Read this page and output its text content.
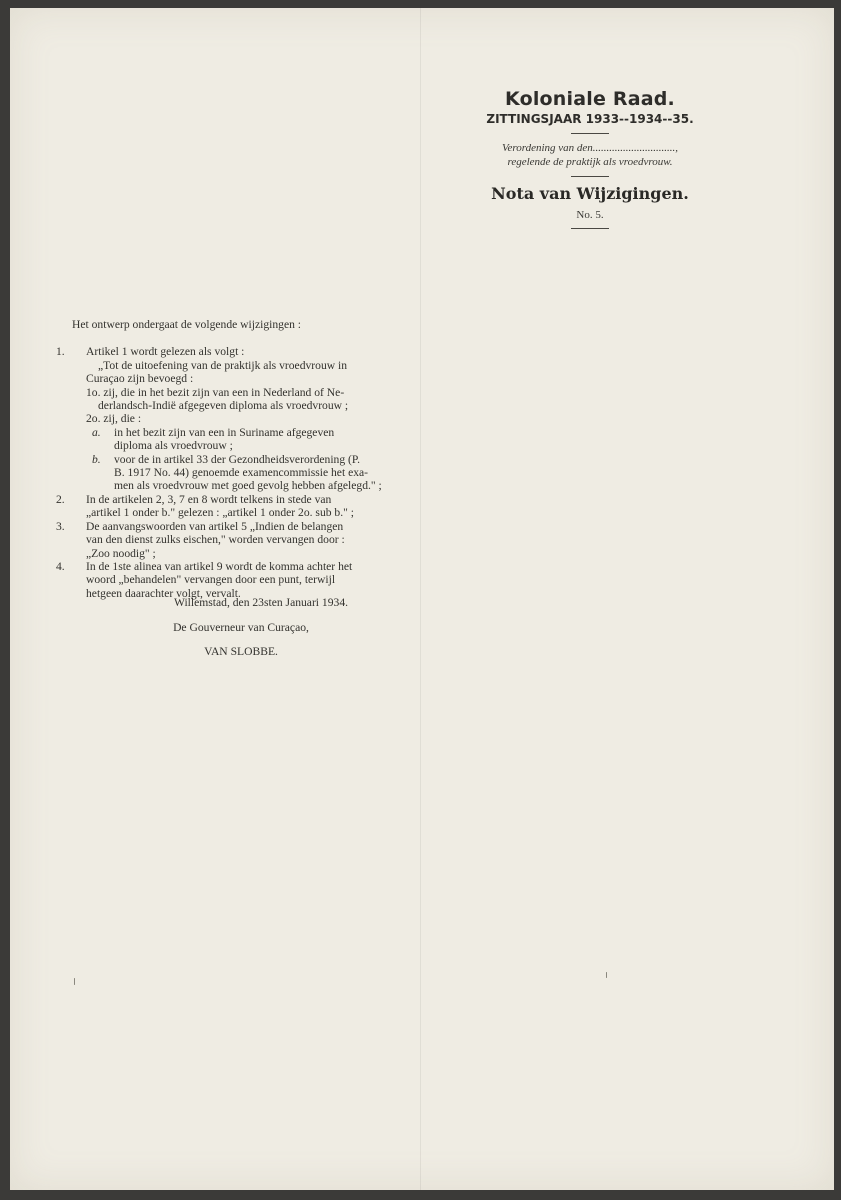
Koloniale Raad.
ZITTINGSJAAR 1933--1934--35.
Verordening van den..............................,
regelende de praktijk als vroedvrouw.
Nota van Wijzigingen.
No. 5.
Het ontwerp ondergaat de volgende wijzigingen :
1. Artikel 1 wordt gelezen als volgt :
„Tot de uitoefening van de praktijk als vroedvrouw in
Curaçao zijn bevoegd :
1o. zij, die in het bezit zijn van een in Nederland of Ne-
derlandsch-Indië afgegeven diploma als vroedvrouw ;
2o. zij, die :
a.	in het bezit zijn van een in Suriname afgegeven
diploma als vroedvrouw ;
b.	voor de in artikel 33 der Gezondheidsverordening (P.
B. 1917 No. 44) genoemde examencommissie het exa-
men als vroedvrouw met goed gevolg hebben afgelegd." ;
2. In de artikelen 2, 3, 7 en 8 wordt telkens in stede van
„artikel 1 onder b." gelezen : „artikel 1 onder 2o. sub b." ;
3. De aanvangswoorden van artikel 5 „Indien de belangen
van den dienst zulks eischen," worden vervangen door :
„Zoo noodig" ;
4. In de 1ste alinea van artikel 9 wordt de komma achter het
woord „behandelen" vervangen door een punt, terwijl
hetgeen daarachter volgt, vervalt.
Willemstad, den 23sten Januari 1934.
De Gouverneur van Curaçao,
VAN SLOBBE.
